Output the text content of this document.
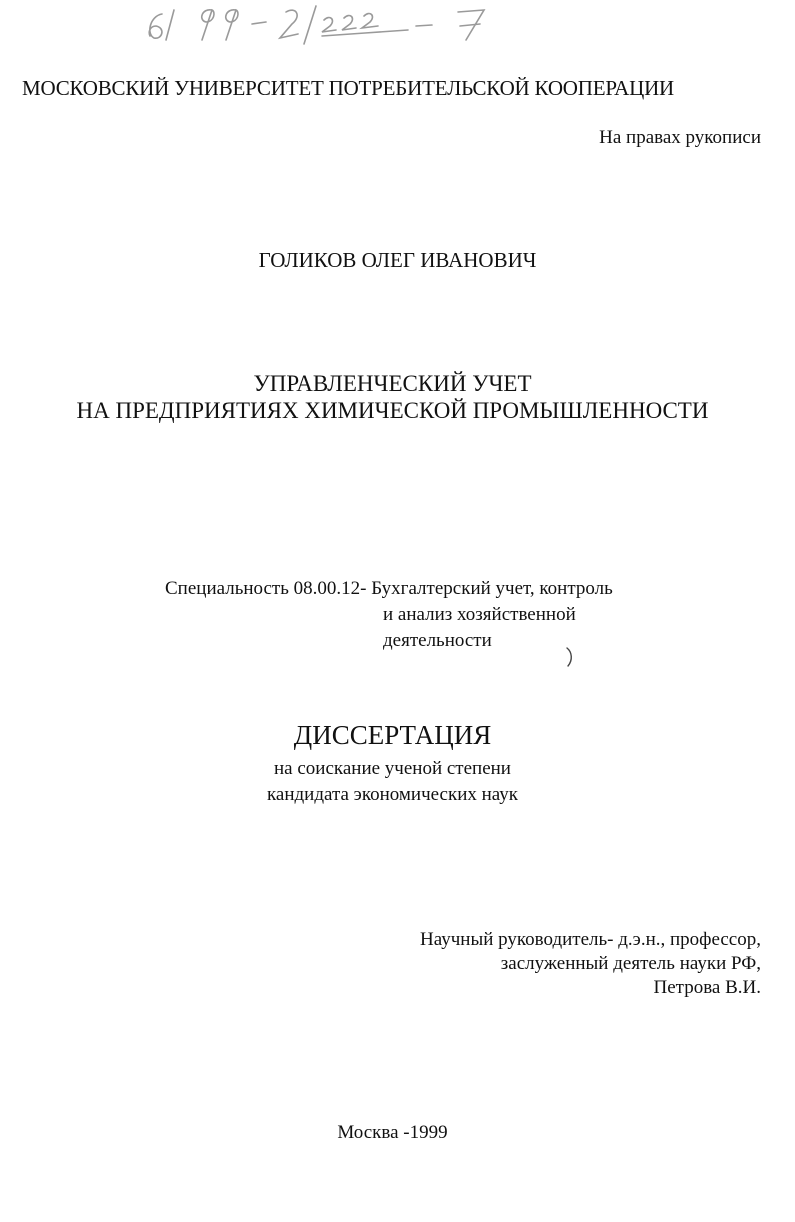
МОСКОВСКИЙ УНИВЕРСИТЕТ ПОТРЕБИТЕЛЬСКОЙ КООПЕРАЦИИ
На правах рукописи
ГОЛИКОВ ОЛЕГ ИВАНОВИЧ
УПРАВЛЕНЧЕСКИЙ УЧЕТ
НА ПРЕДПРИЯТИЯХ ХИМИЧЕСКОЙ ПРОМЫШЛЕННОСТИ
Специальность 08.00.12- Бухгалтерский учет, контроль
и анализ хозяйственной
деятельности
ДИССЕРТАЦИЯ
на соискание ученой степени
кандидата экономических наук
Научный руководитель- д.э.н., профессор,
заслуженный деятель науки РФ,
Петрова В.И.
Москва -1999
